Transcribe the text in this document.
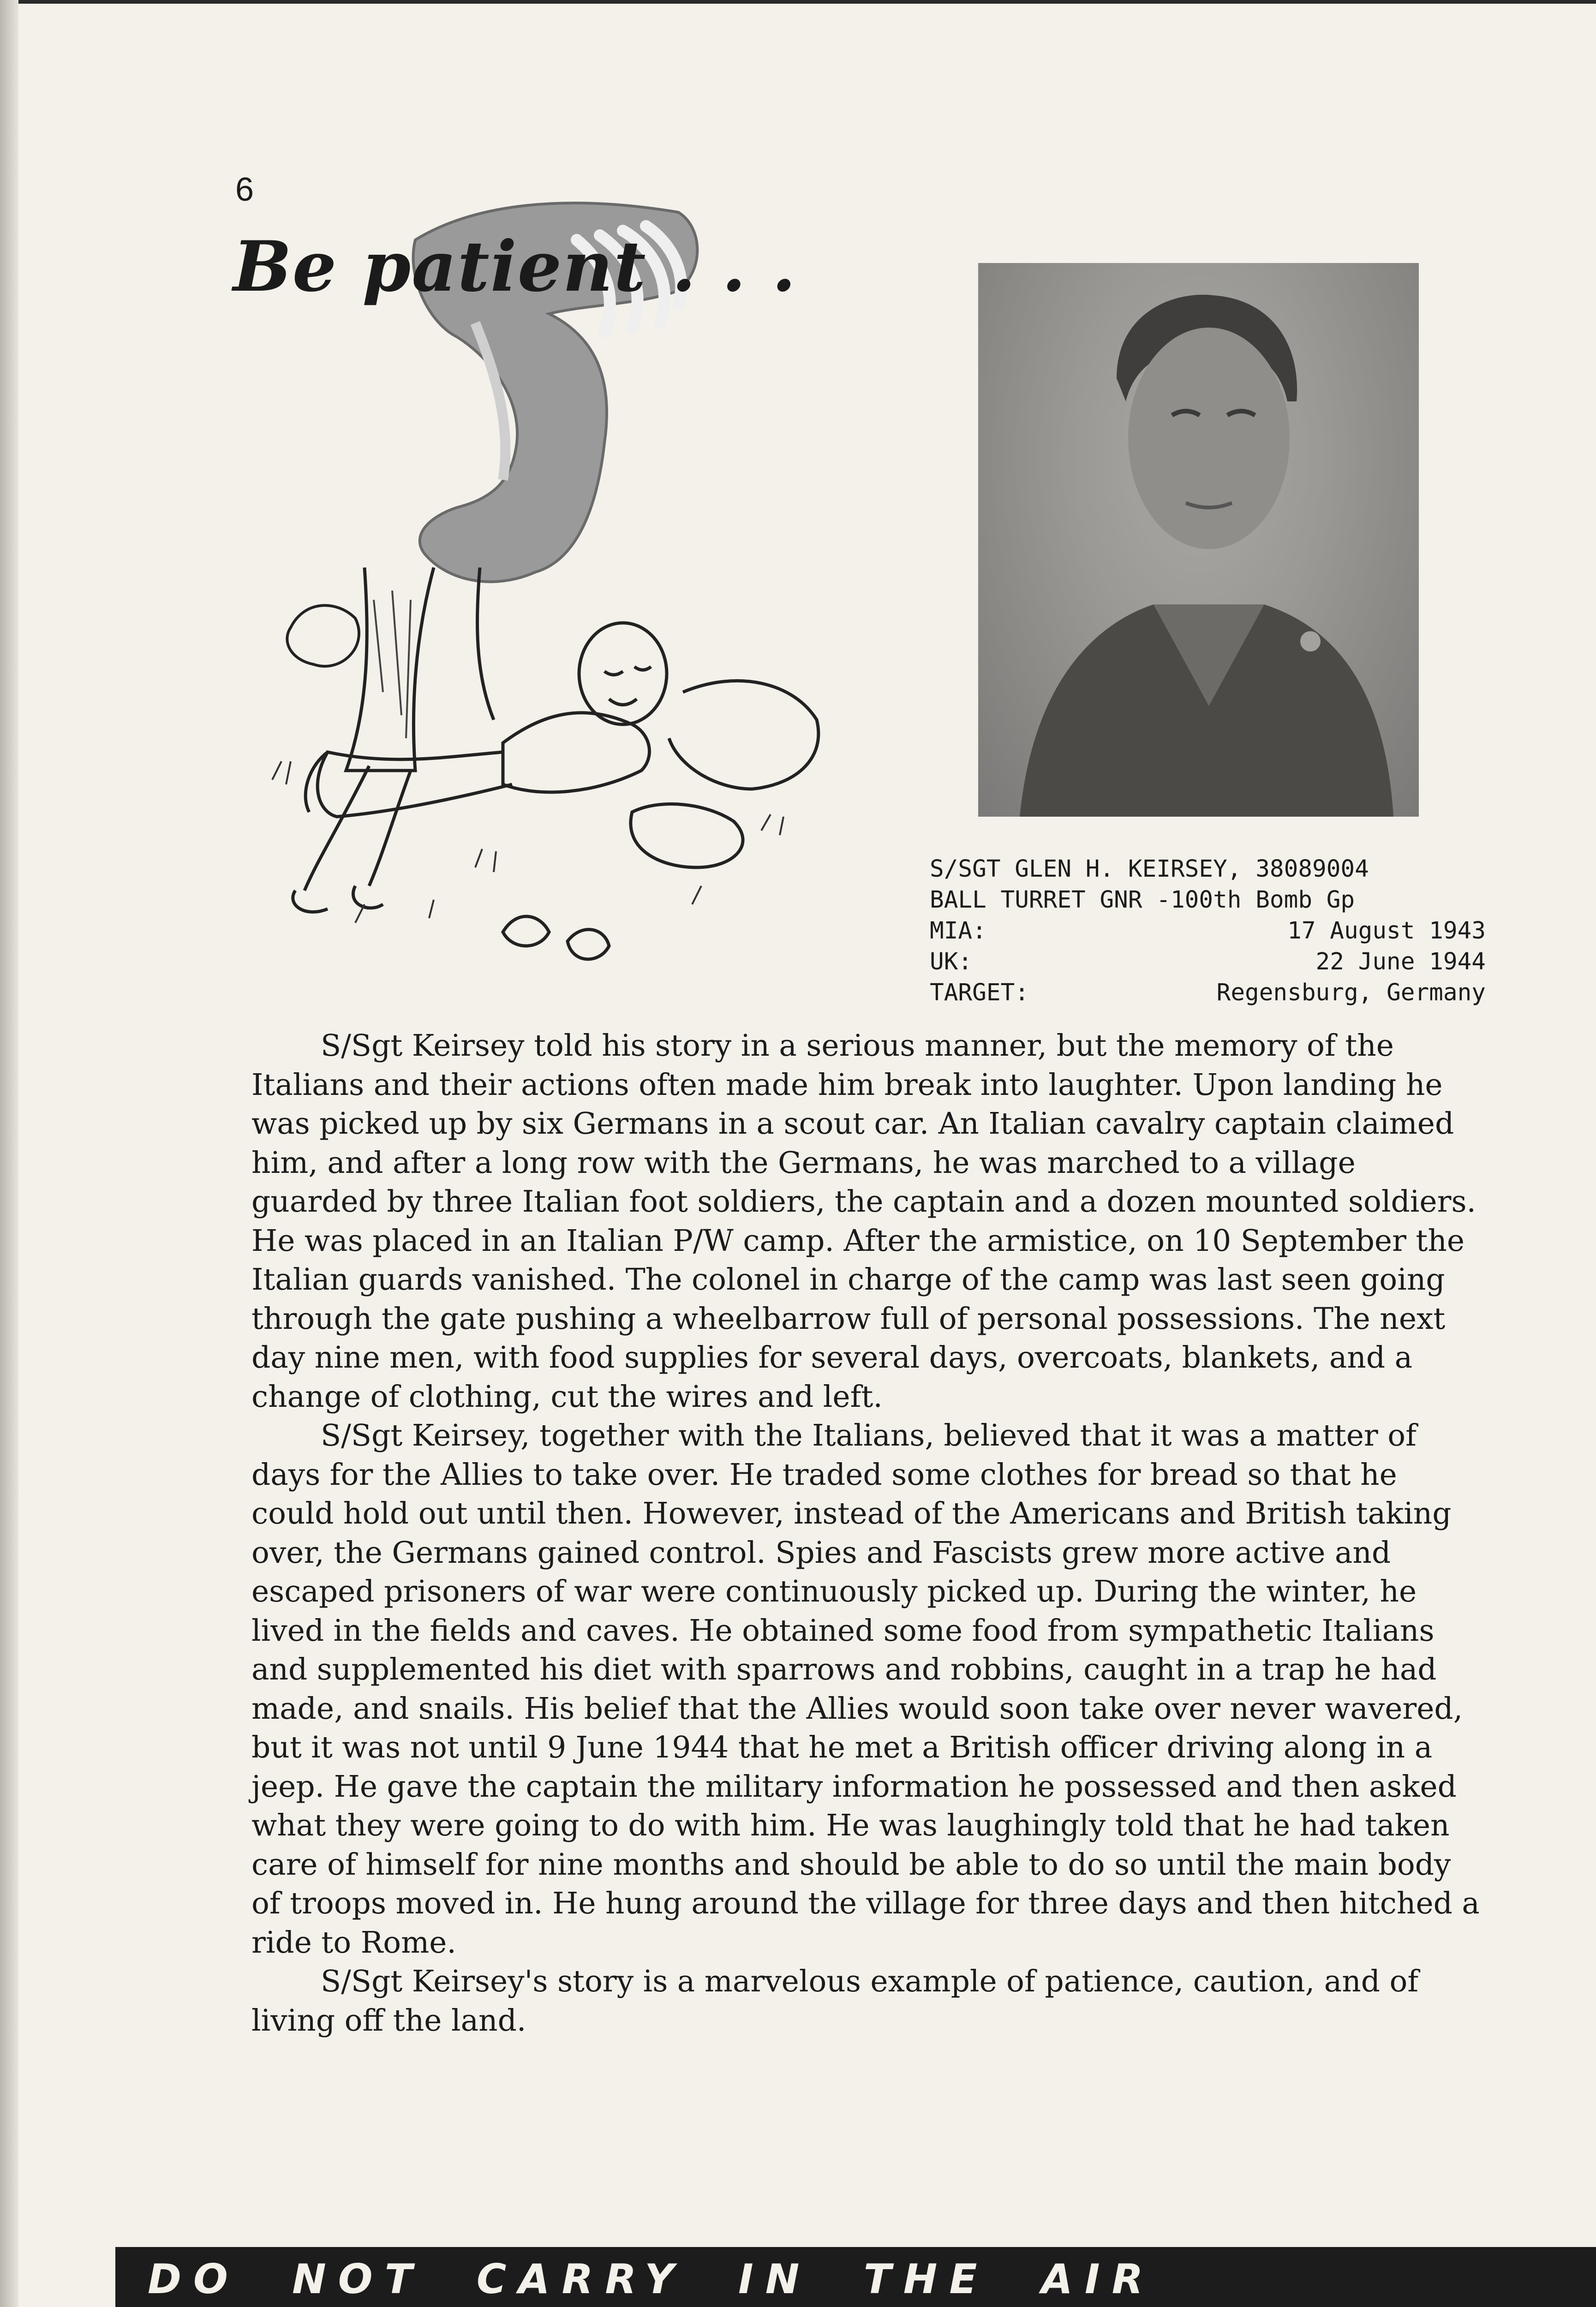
6
Be patient . . .
S/SGT GLEN H. KEIRSEY, 38089004
BALL TURRET GNR -100th Bomb Gp
MIA:	17 August 1943
UK:	22 June 1944
TARGET:	Regensburg, Germany

S/Sgt Keirsey told his story in a serious manner, but the memory of the Italians and their actions often made him break into laughter. Upon landing he was picked up by six Germans in a scout car. An Italian cavalry captain claimed him, and after a long row with the Germans, he was marched to a village guarded by three Italian foot soldiers, the captain and a dozen mounted soldiers. He was placed in an Italian P/W camp. After the armistice, on 10 September the Italian guards vanished. The colonel in charge of the camp was last seen going through the gate pushing a wheelbarrow full of personal possessions. The next day nine men, with food supplies for several days, overcoats, blankets, and a change of clothing, cut the wires and left.

S/Sgt Keirsey, together with the Italians, believed that it was a matter of days for the Allies to take over. He traded some clothes for bread so that he could hold out until then. However, instead of the Americans and British taking over, the Germans gained control. Spies and Fascists grew more active and escaped prisoners of war were continuously picked up. During the winter, he lived in the fields and caves. He obtained some food from sympathetic Italians and supplemented his diet with sparrows and robbins, caught in a trap he had made, and snails. His belief that the Allies would soon take over never wavered, but it was not until 9 June 1944 that he met a British officer driving along in a jeep. He gave the captain the military information he possessed and then asked what they were going to do with him. He was laughingly told that he had taken care of himself for nine months and should be able to do so until the main body of troops moved in. He hung around the village for three days and then hitched a ride to Rome.

S/Sgt Keirsey's story is a marvelous example of patience, caution, and of living off the land.

DO  NOT  CARRY  IN  THE  AIR
